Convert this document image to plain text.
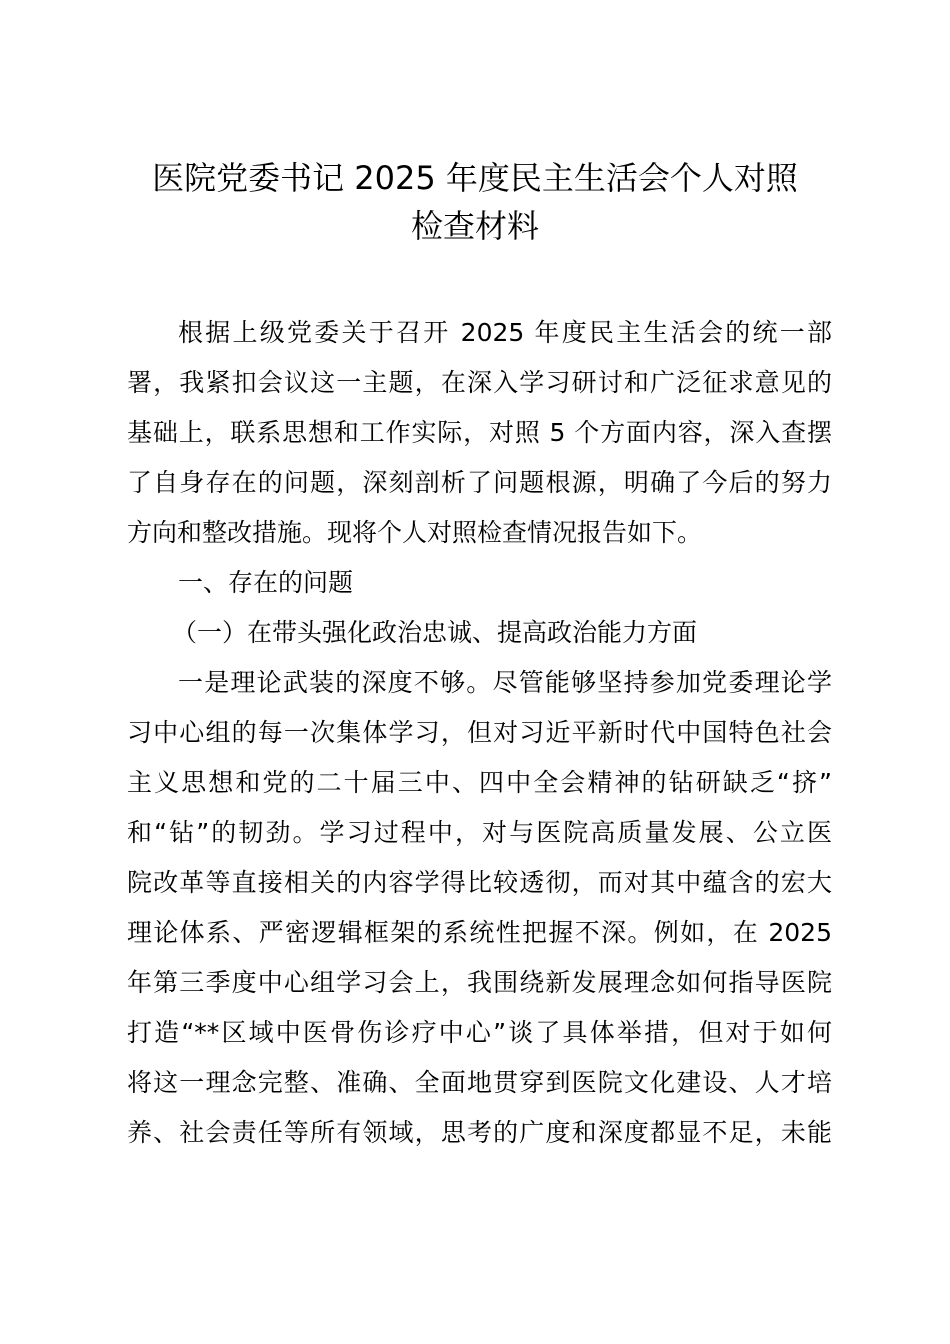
医院党委书记 2025 年度民主生活会个人对照
检查材料
根据上级党委关于召开 2025 年度民主生活会的统一部
署，我紧扣会议这一主题，在深入学习研讨和广泛征求意见的
基础上，联系思想和工作实际，对照 5 个方面内容，深入查摆
了自身存在的问题，深刻剖析了问题根源，明确了今后的努力
方向和整改措施。现将个人对照检查情况报告如下。
一、存在的问题
（一）在带头强化政治忠诚、提高政治能力方面
一是理论武装的深度不够。尽管能够坚持参加党委理论学
习中心组的每一次集体学习，但对习近平新时代中国特色社会
主义思想和党的二十届三中、四中全会精神的钻研缺乏“挤”
和“钻”的韧劲。学习过程中，对与医院高质量发展、公立医
院改革等直接相关的内容学得比较透彻，而对其中蕴含的宏大
理论体系、严密逻辑框架的系统性把握不深。例如，在 2025
年第三季度中心组学习会上，我围绕新发展理念如何指导医院
打造“**区域中医骨伤诊疗中心”谈了具体举措，但对于如何
将这一理念完整、准确、全面地贯穿到医院文化建设、人才培
养、社会责任等所有领域，思考的广度和深度都显不足，未能
